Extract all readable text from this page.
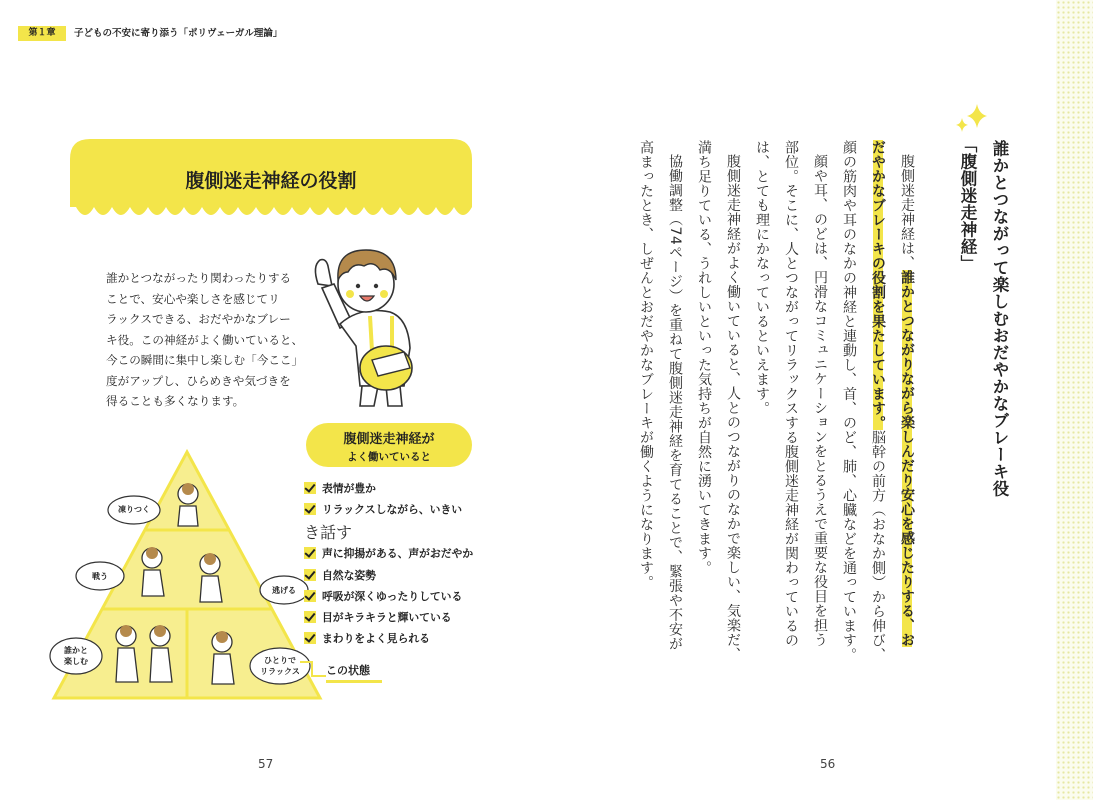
第１章	子どもの不安に寄り添う「ポリヴェーガル理論」
腹側迷走神経の役割
誰かとつながったり関わったりする
ことで、安心や楽しさを感じてリ
ラックスできる、おだやかなブレー
キ役。この神経がよく働いていると、
今この瞬間に集中し楽しむ「今ここ」
度がアップし、ひらめきや気づきを
得ることも多くなります。
凍りつく
戦う
逃げる
誰かと
楽しむ	ひとりで
リラックス
腹側迷走神経が
よく働いていると
表情が豊か
リラックスしながら、いきい
き話す
声に抑揚がある、声がおだやか
自然な姿勢
呼吸が深くゆったりしている
目がキラキラと輝いている
まわりをよく見られる
この状態
57
誰かとつながって楽しむおだやかなブレーキ役
「腹側迷走神経」
腹側迷走神経は、誰かとつながりながら楽しんだり安心を感じたりする、お
だやかなブレーキの役割を果たしています。脳幹の前方（おなか側）から伸び、
顔の筋肉や耳のなかの神経と連動し、首、のど、肺、心臓などを通っています。
顔や耳、のどは、円滑なコミュニケーションをとるうえで重要な役目を担う
部位。そこに、人とつながってリラックスする腹側迷走神経が関わっているの
は、とても理にかなっているといえます。
腹側迷走神経がよく働いていると、人とのつながりのなかで楽しい、気楽だ、
満ち足りている、うれしいといった気持ちが自然に湧いてきます。
協働調整（74ページ）を重ねて腹側迷走神経を育てることで、緊張や不安が
高まったとき、しぜんとおだやかなブレーキが働くようになります。
56
